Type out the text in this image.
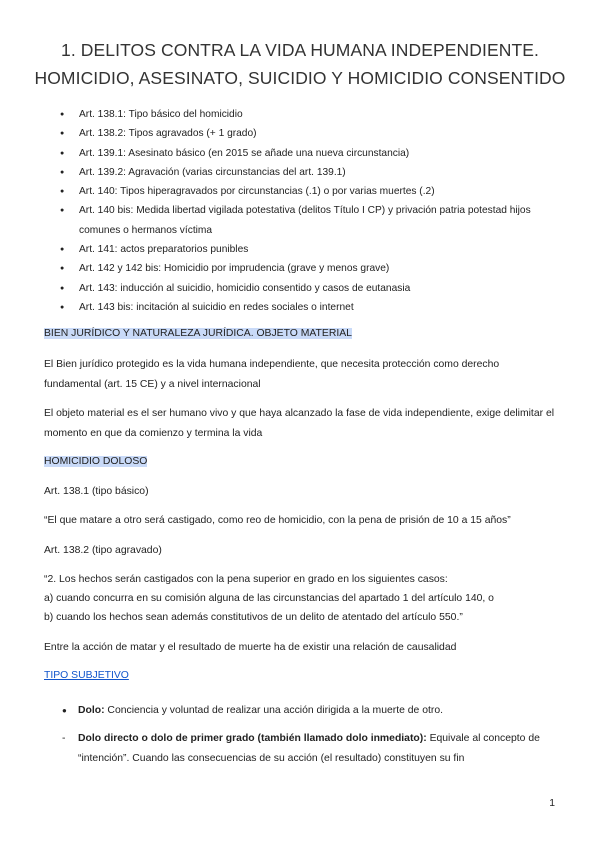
1. DELITOS CONTRA LA VIDA HUMANA INDEPENDIENTE.
HOMICIDIO, ASESINATO, SUICIDIO Y HOMICIDIO CONSENTIDO
● Art. 138.1: Tipo básico del homicidio
● Art. 138.2: Tipos agravados (+ 1 grado)
● Art. 139.1: Asesinato básico (en 2015 se añade una nueva circunstancia)
● Art. 139.2: Agravación (varias circunstancias del art. 139.1)
● Art. 140: Tipos hiperagravados por circunstancias (.1) o por varias muertes (.2)
● Art. 140 bis: Medida libertad vigilada potestativa (delitos Título I CP) y privación patria potestad hijos comunes o hermanos víctima
● Art. 141: actos preparatorios punibles
● Art. 142 y 142 bis: Homicidio por imprudencia (grave y menos grave)
● Art. 143: inducción al suicidio, homicidio consentido y casos de eutanasia
● Art. 143 bis: incitación al suicidio en redes sociales o internet
BIEN JURÍDICO Y NATURALEZA JURÍDICA. OBJETO MATERIAL

El Bien jurídico protegido es la vida humana independiente, que necesita protección como derecho fundamental (art. 15 CE) y a nivel internacional

El objeto material es el ser humano vivo y que haya alcanzado la fase de vida independiente, exige delimitar el momento en que da comienzo y termina la vida

HOMICIDIO DOLOSO

Art. 138.1 (tipo básico)

“El que matare a otro será castigado, como reo de homicidio, con la pena de prisión de 10 a 15 años”

Art. 138.2 (tipo agravado)

“2. Los hechos serán castigados con la pena superior en grado en los siguientes casos:

a) cuando concurra en su comisión alguna de las circunstancias del apartado 1 del artículo 140, o

b) cuando los hechos sean además constitutivos de un delito de atentado del artículo 550.”

Entre la acción de matar y el resultado de muerte ha de existir una relación de causalidad

TIPO SUBJETIVO
●	Dolo: Conciencia y voluntad de realizar una acción dirigida a la muerte de otro.
-	Dolo directo o dolo de primer grado (también llamado dolo inmediato): Equivale al concepto de “intención”. Cuando las consecuencias de su acción (el resultado) constituyen su fin
1
